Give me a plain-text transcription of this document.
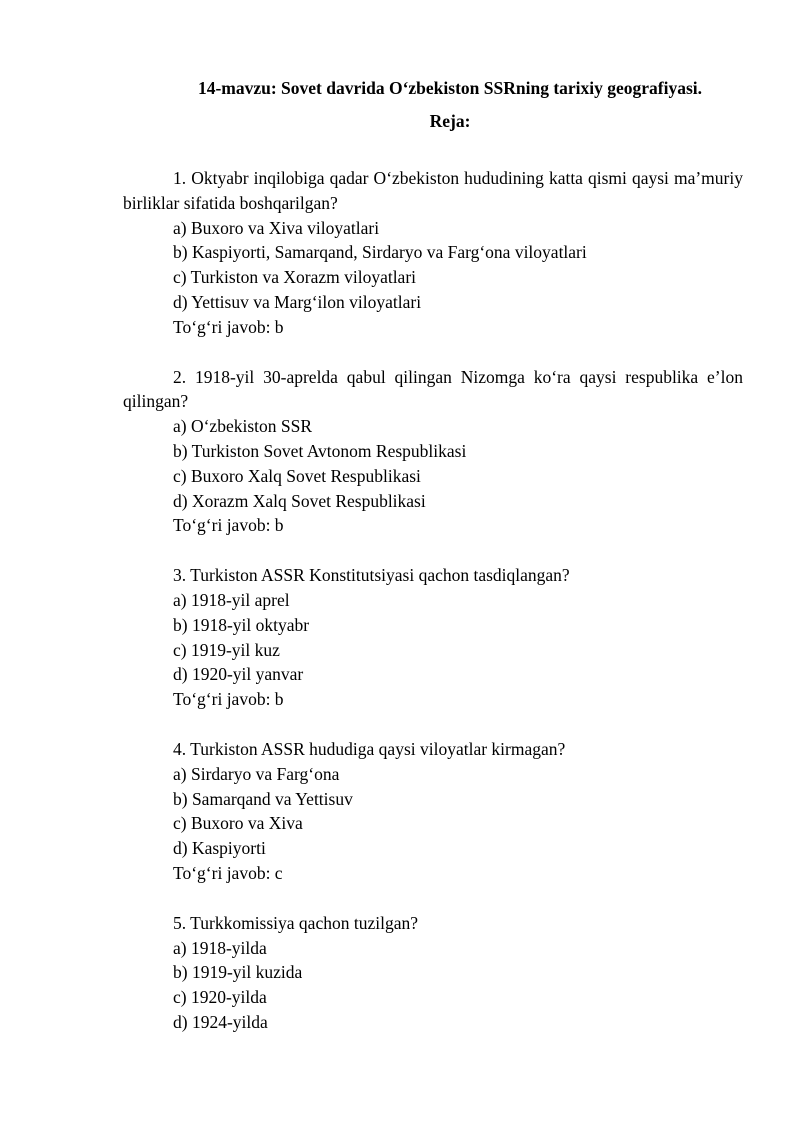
14-mavzu: Sovet davrida O‘zbekiston SSRning tarixiy geografiyasi.
Reja:

1. Oktyabr inqilobiga qadar O‘zbekiston hududining katta qismi qaysi ma’muriy birliklar sifatida boshqarilgan?

a) Buxoro va Xiva viloyatlari

b) Kaspiyorti, Samarqand, Sirdaryo va Farg‘ona viloyatlari

c) Turkiston va Xorazm viloyatlari

d) Yettisuv va Marg‘ilon viloyatlari

To‘g‘ri javob: b

2. 1918-yil 30-aprelda qabul qilingan Nizomga ko‘ra qaysi respublika e’lon qilingan?

a) O‘zbekiston SSR

b) Turkiston Sovet Avtonom Respublikasi

c) Buxoro Xalq Sovet Respublikasi

d) Xorazm Xalq Sovet Respublikasi

To‘g‘ri javob: b

3. Turkiston ASSR Konstitutsiyasi qachon tasdiqlangan?

a) 1918-yil aprel

b) 1918-yil oktyabr

c) 1919-yil kuz

d) 1920-yil yanvar

To‘g‘ri javob: b

4. Turkiston ASSR hududiga qaysi viloyatlar kirmagan?

a) Sirdaryo va Farg‘ona

b) Samarqand va Yettisuv

c) Buxoro va Xiva

d) Kaspiyorti

To‘g‘ri javob: c

5. Turkkomissiya qachon tuzilgan?

a) 1918-yilda

b) 1919-yil kuzida

c) 1920-yilda

d) 1924-yilda
